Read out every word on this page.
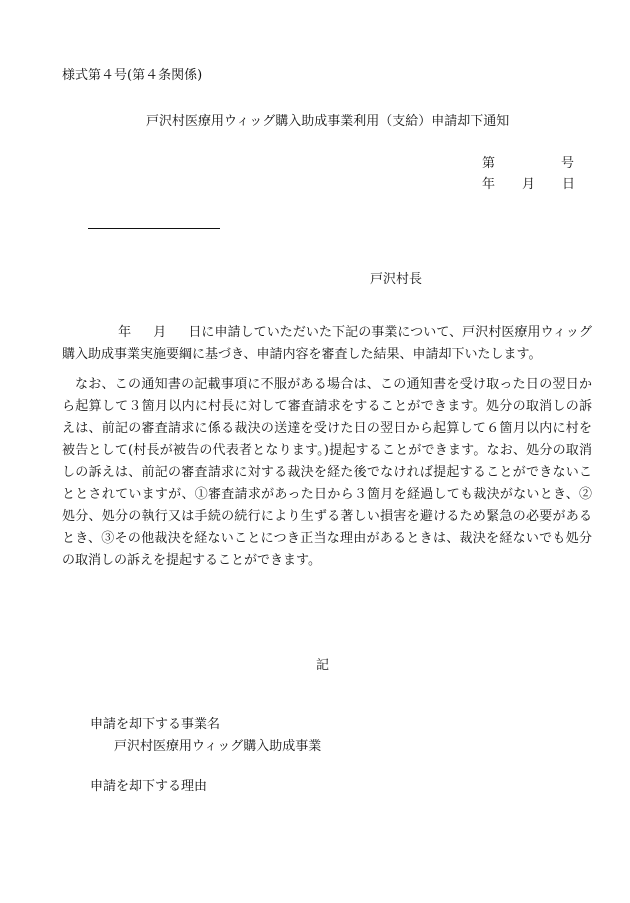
様式第４号(第４条関係)
戸沢村医療用ウィッグ購入助成事業利用（支給）申請却下通知
第	号
年 月 日
戸沢村長

年 月 日に申請していただいた下記の事業について、戸沢村医療用ウィッグ購入助成事業実施要綱に基づき、申請内容を審査した結果、申請却下いたします。

なお、この通知書の記載事項に不服がある場合は、この通知書を受け取った日の翌日から起算して３箇月以内に村長に対して審査請求をすることができます。処分の取消しの訴えは、前記の審査請求に係る裁決の送達を受けた日の翌日から起算して６箇月以内に村を被告として(村長が被告の代表者となります。)提起することができます。なお、処分の取消しの訴えは、前記の審査請求に対する裁決を経た後でなければ提起することができないこととされていますが、①審査請求があった日から３箇月を経過しても裁決がないとき、②処分、処分の執行又は手続の続行により生ずる著しい損害を避けるため緊急の必要があるとき、③その他裁決を経ないことにつき正当な理由があるときは、裁決を経ないでも処分の取消しの訴えを提起することができます。

記
申請を却下する事業名
戸沢村医療用ウィッグ購入助成事業
申請を却下する理由
